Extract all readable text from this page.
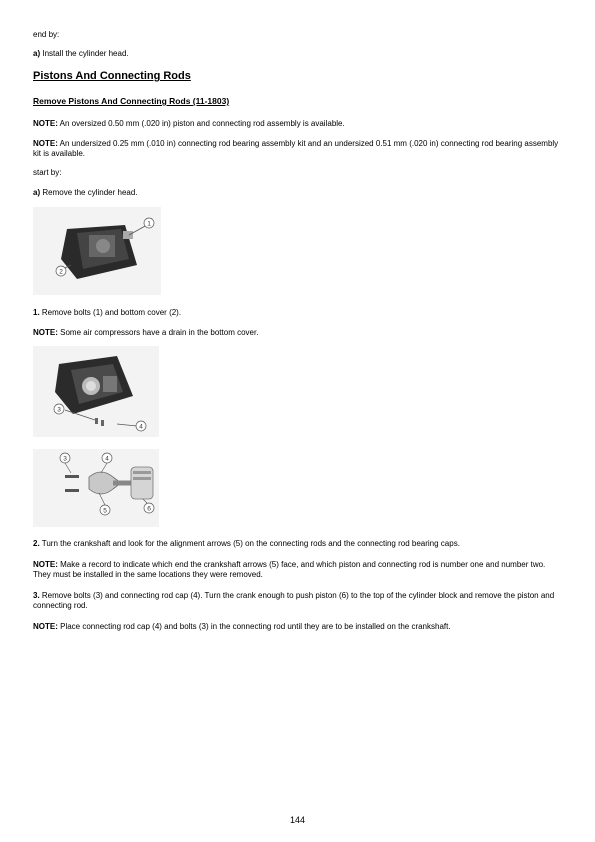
end by:

a) Install the cylinder head.

Pistons And Connecting Rods

Remove Pistons And Connecting Rods (11-1803)

NOTE: An oversized 0.50 mm (.020 in) piston and connecting rod assembly is available.

NOTE: An undersized 0.25 mm (.010 in) connecting rod bearing assembly kit and an undersized 0.51 mm (.020 in) connecting rod bearing assembly kit is available.

start by:

a) Remove the cylinder head.

1
2

1. Remove bolts (1) and bottom cover (2).

NOTE: Some air compressors have a drain in the bottom cover.

3
4
3	4
5	6

2. Turn the crankshaft and look for the alignment arrows (5) on the connecting rods and the connecting rod bearing caps.

NOTE: Make a record to indicate which end the crankshaft arrows (5) face, and which piston and connecting rod is number one and number two. They must be installed in the same locations they were removed.

3. Remove bolts (3) and connecting rod cap (4). Turn the crank enough to push piston (6) to the top of the cylinder block and remove the piston and connecting rod.

NOTE: Place connecting rod cap (4) and bolts (3) in the connecting rod until they are to be installed on the crankshaft.

144
